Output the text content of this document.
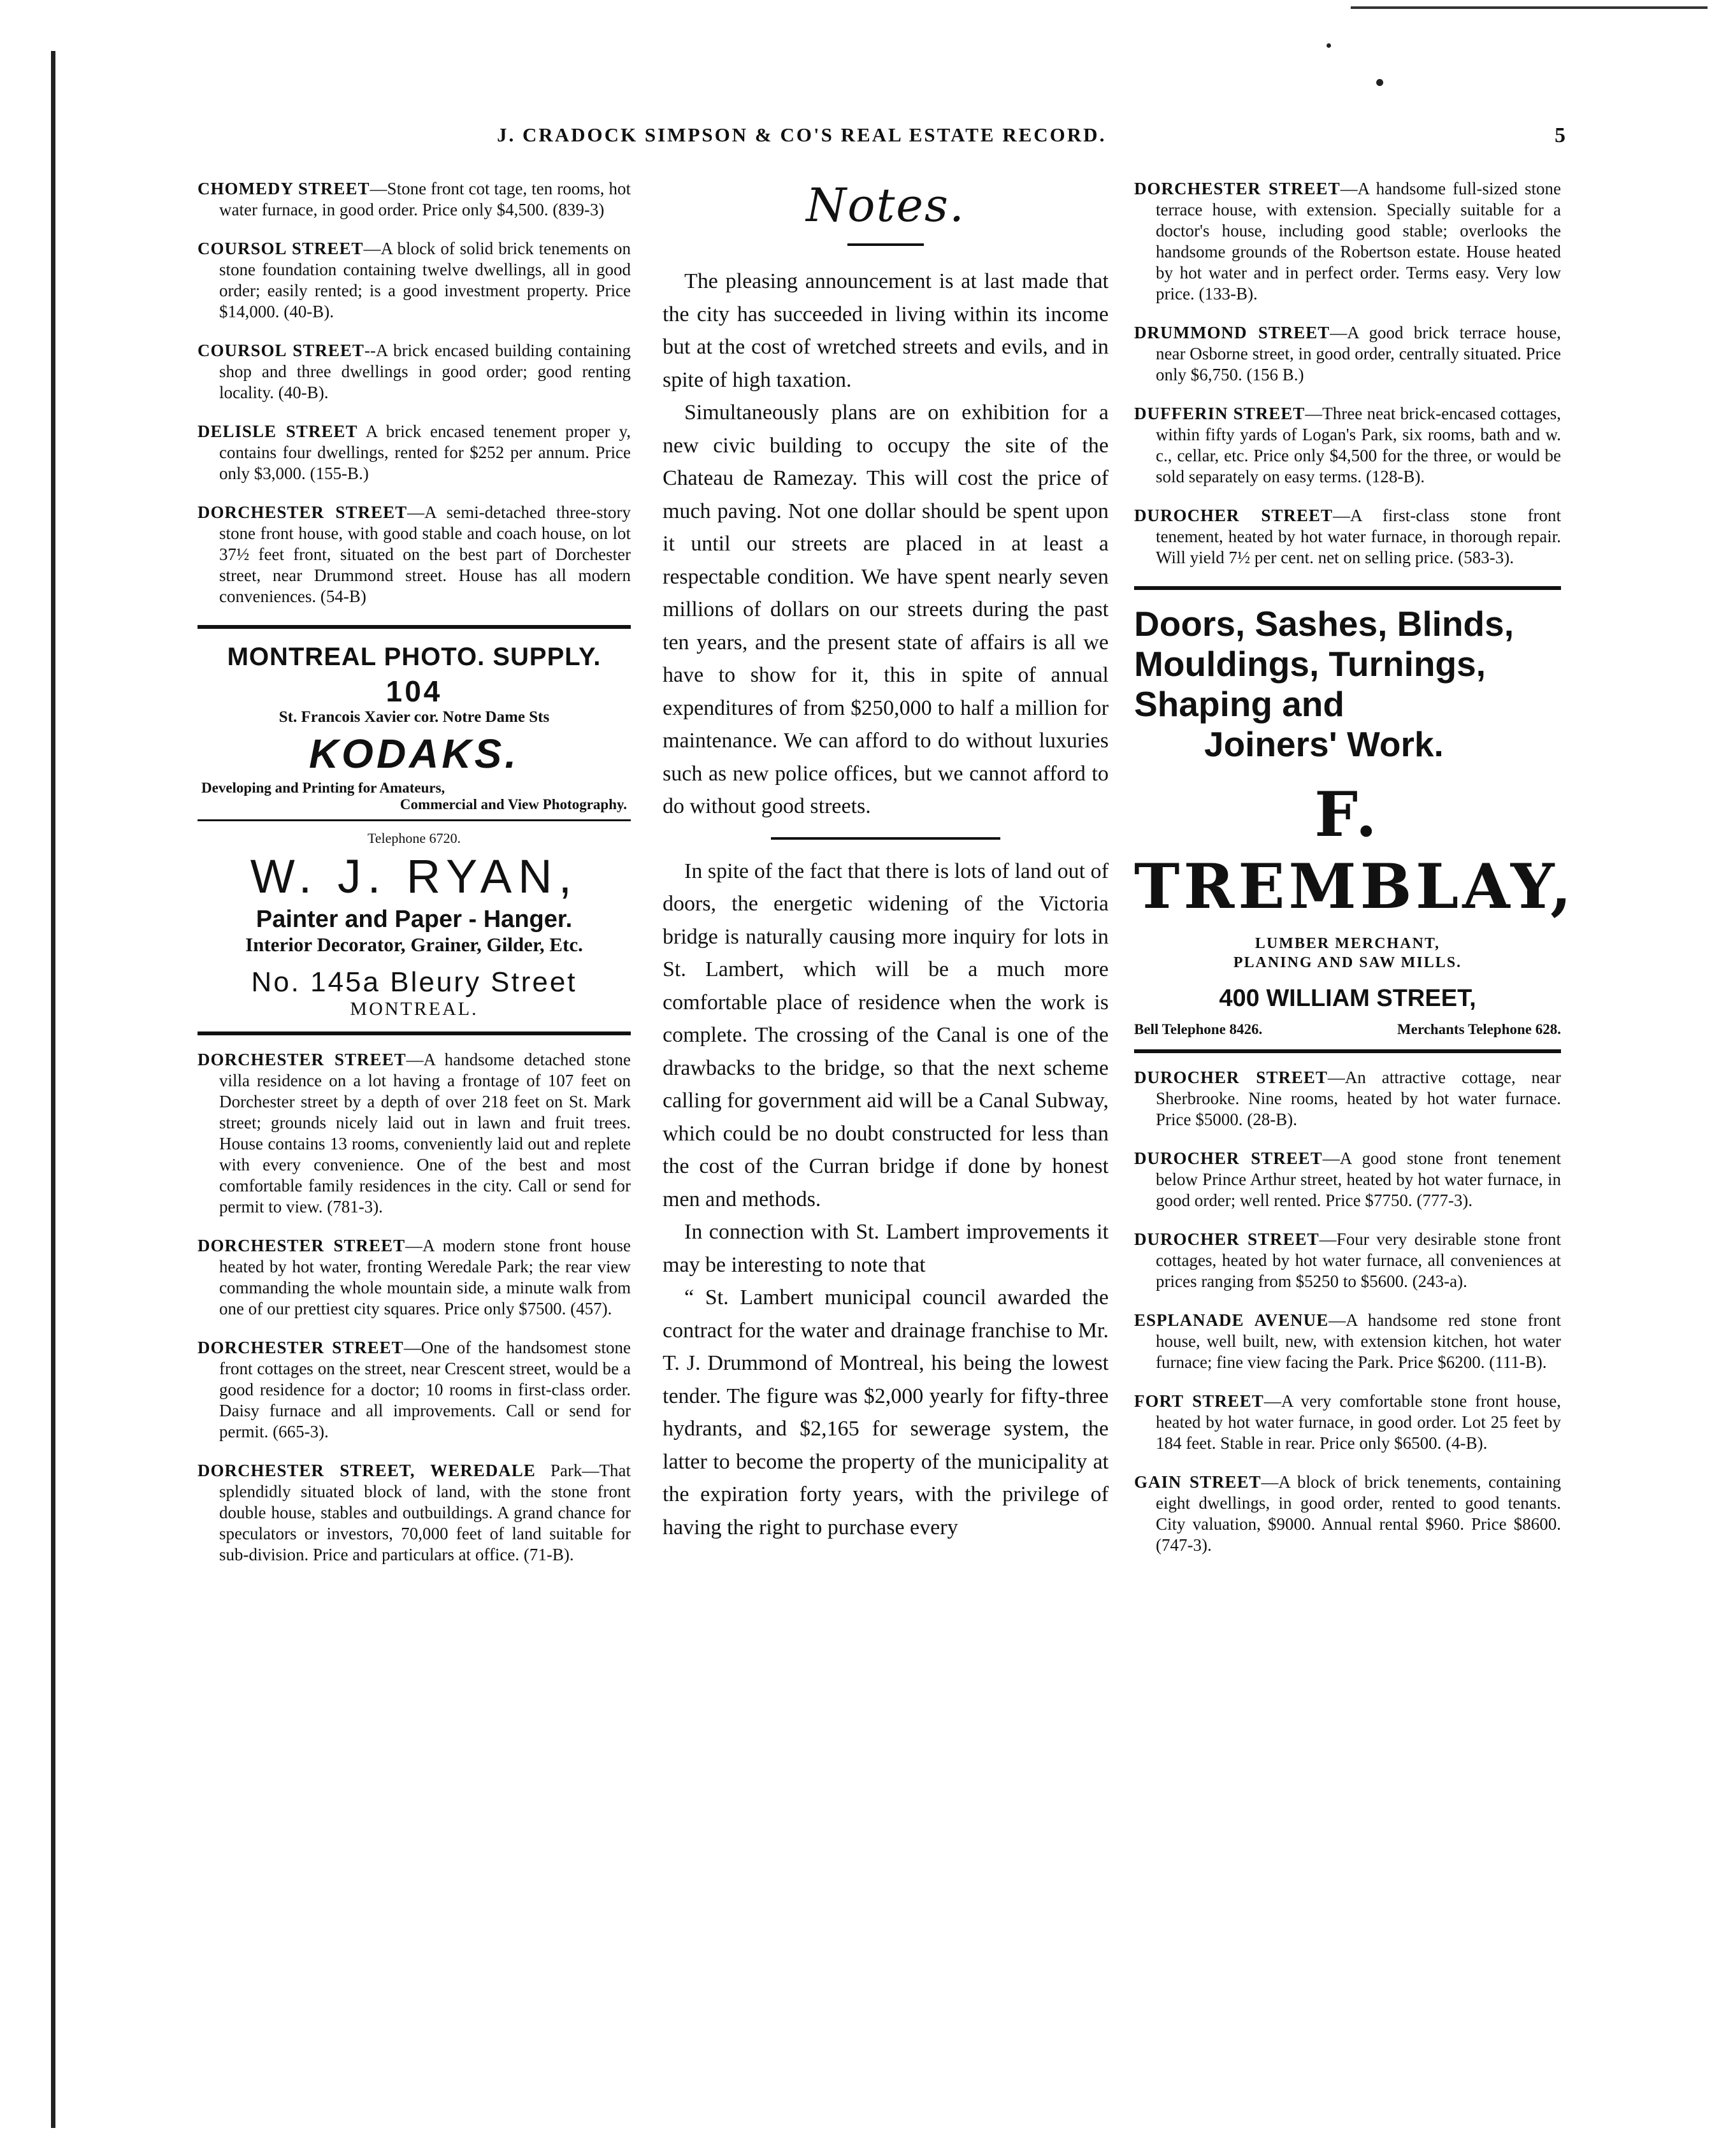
J. CRADOCK SIMPSON & CO'S REAL ESTATE RECORD.	5

CHOMEDY STREET—Stone front cot tage, ten rooms, hot water furnace, in good order. Price only $4,500. (839-3)

COURSOL STREET—A block of solid brick tenements on stone foundation containing twelve dwellings, all in good order; easily rented; is a good investment property. Price $14,000. (40-B).

COURSOL STREET--A brick encased building containing shop and three dwellings in good order; good renting locality. (40-B).

DELISLE STREET A brick encased tenement proper y, contains four dwellings, rented for $252 per annum. Price only $3,000. (155-B.)

DORCHESTER STREET—A semi-detached three-story stone front house, with good stable and coach house, on lot 37½ feet front, situated on the best part of Dorchester street, near Drummond street. House has all modern conveniences. (54-B)

MONTREAL PHOTO. SUPPLY.
104
St. Francois Xavier cor. Notre Dame Sts
KODAKS.
Developing and Printing for Amateurs,
Commercial and View Photography.
Telephone 6720.
W. J. RYAN,
Painter and Paper - Hanger.
Interior Decorator, Grainer, Gilder, Etc.
No. 145a Bleury Street
MONTREAL.

DORCHESTER STREET—A handsome detached stone villa residence on a lot having a frontage of 107 feet on Dorchester street by a depth of over 218 feet on St. Mark street; grounds nicely laid out in lawn and fruit trees. House contains 13 rooms, conveniently laid out and replete with every convenience. One of the best and most comfortable family residences in the city. Call or send for permit to view. (781-3).

DORCHESTER STREET—A modern stone front house heated by hot water, fronting Weredale Park; the rear view commanding the whole mountain side, a minute walk from one of our prettiest city squares. Price only $7500. (457).

DORCHESTER STREET—One of the handsomest stone front cottages on the street, near Crescent street, would be a good residence for a doctor; 10 rooms in first-class order. Daisy furnace and all improvements. Call or send for permit. (665-3).

DORCHESTER STREET, WEREDALE Park—That splendidly situated block of land, with the stone front double house, stables and outbuildings. A grand chance for speculators or investors, 70,000 feet of land suitable for sub-division. Price and particulars at office. (71-B).

Notes.

The pleasing announcement is at last made that the city has succeeded in living within its income but at the cost of wretched streets and evils, and in spite of high taxation.

Simultaneously plans are on exhibition for a new civic building to occupy the site of the Chateau de Ramezay. This will cost the price of much paving. Not one dollar should be spent upon it until our streets are placed in at least a respectable condition. We have spent nearly seven millions of dollars on our streets during the past ten years, and the present state of affairs is all we have to show for it, this in spite of annual expenditures of from $250,000 to half a million for maintenance. We can afford to do without luxuries such as new police offices, but we cannot afford to do without good streets.

In spite of the fact that there is lots of land out of doors, the energetic widening of the Victoria bridge is naturally causing more inquiry for lots in St. Lambert, which will be a much more comfortable place of residence when the work is complete. The crossing of the Canal is one of the drawbacks to the bridge, so that the next scheme calling for government aid will be a Canal Subway, which could be no doubt constructed for less than the cost of the Curran bridge if done by honest men and methods.

In connection with St. Lambert improvements it may be interesting to note that

“ St. Lambert municipal council awarded the contract for the water and drainage franchise to Mr. T. J. Drummond of Montreal, his being the lowest tender. The figure was $2,000 yearly for fifty-three hydrants, and $2,165 for sewerage system, the latter to become the property of the municipality at the expiration forty years, with the privilege of having the right to purchase every

DORCHESTER STREET—A handsome full-sized stone terrace house, with extension. Specially suitable for a doctor's house, including good stable; overlooks the handsome grounds of the Robertson estate. House heated by hot water and in perfect order. Terms easy. Very low price. (133-B).

DRUMMOND STREET—A good brick terrace house, near Osborne street, in good order, centrally situated. Price only $6,750. (156 B.)

DUFFERIN STREET—Three neat brick-encased cottages, within fifty yards of Logan's Park, six rooms, bath and w. c., cellar, etc. Price only $4,500 for the three, or would be sold separately on easy terms. (128-B).

DUROCHER STREET—A first-class stone front tenement, heated by hot water furnace, in thorough repair. Will yield 7½ per cent. net on selling price. (583-3).

Doors, Sashes, Blinds,
Mouldings, Turnings,
Shaping and
Joiners' Work.
F. TREMBLAY,
LUMBER MERCHANT,
PLANING AND SAW MILLS.
400 WILLIAM STREET,
Bell Telephone 8426.	Merchants Telephone 628.

DUROCHER STREET—An attractive cottage, near Sherbrooke. Nine rooms, heated by hot water furnace. Price $5000. (28-B).

DUROCHER STREET—A good stone front tenement below Prince Arthur street, heated by hot water furnace, in good order; well rented. Price $7750. (777-3).

DUROCHER STREET—Four very desirable stone front cottages, heated by hot water furnace, all conveniences at prices ranging from $5250 to $5600. (243-a).

ESPLANADE AVENUE—A handsome red stone front house, well built, new, with extension kitchen, hot water furnace; fine view facing the Park. Price $6200. (111-B).

FORT STREET—A very comfortable stone front house, heated by hot water furnace, in good order. Lot 25 feet by 184 feet. Stable in rear. Price only $6500. (4-B).

GAIN STREET—A block of brick tenements, containing eight dwellings, in good order, rented to good tenants. City valuation, $9000. Annual rental $960. Price $8600. (747-3).
